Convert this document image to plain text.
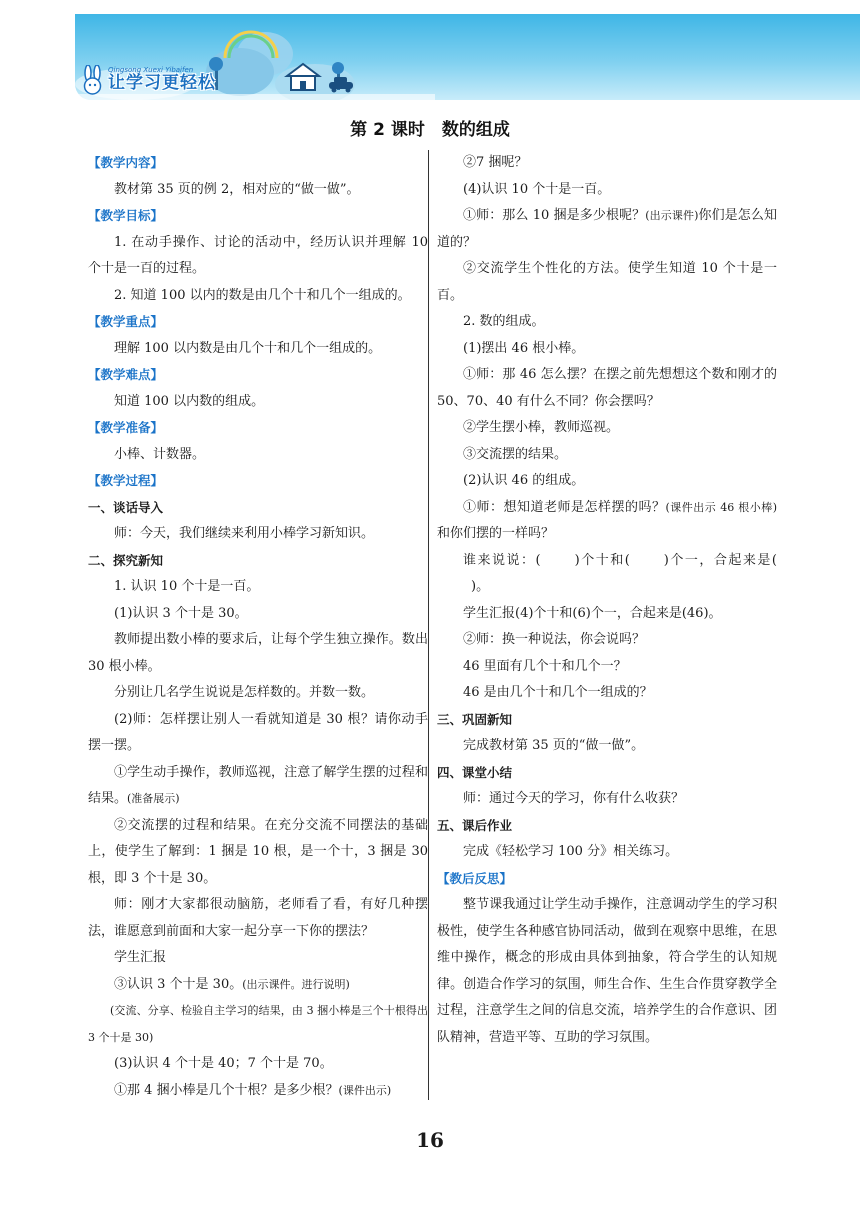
让学习更轻松
Qingsong Xuexi Yibaifen
第 2 课时　数的组成

【教学内容】

教材第 35 页的例 2，相对应的“做一做”。

【教学目标】

1. 在动手操作、讨论的活动中，经历认识并理解 10 个十是一百的过程。

2. 知道 100 以内的数是由几个十和几个一组成的。

【教学重点】

理解 100 以内数是由几个十和几个一组成的。

【教学难点】

知道 100 以内数的组成。

【教学准备】

小棒、计数器。

【教学过程】

一、谈话导入

师：今天，我们继续来利用小棒学习新知识。

二、探究新知

1. 认识 10 个十是一百。

(1)认识 3 个十是 30。

教师提出数小棒的要求后，让每个学生独立操作。数出 30 根小棒。

分别让几名学生说说是怎样数的。并数一数。

(2)师：怎样摆让别人一看就知道是 30 根？请你动手摆一摆。

①学生动手操作，教师巡视，注意了解学生摆的过程和结果。(准备展示)

②交流摆的过程和结果。在充分交流不同摆法的基础上，使学生了解到：1 捆是 10 根，是一个十，3 捆是 30 根，即 3 个十是 30。

师：刚才大家都很动脑筋，老师看了看，有好几种摆法，谁愿意到前面和大家一起分享一下你的摆法？

学生汇报

③认识 3 个十是 30。(出示课件。进行说明)

(交流、分享、检验自主学习的结果，由 3 捆小棒是三个十根得出 3 个十是 30)

(3)认识 4 个十是 40；7 个十是 70。

①那 4 捆小棒是几个十根？是多少根？(课件出示)

②7 捆呢？

(4)认识 10 个十是一百。

①师：那么 10 捆是多少根呢？(出示课件)你们是怎么知道的？

②交流学生个性化的方法。使学生知道 10 个十是一百。

2. 数的组成。

(1)摆出 46 根小棒。

①师：那 46 怎么摆？在摆之前先想想这个数和刚才的 50、70、40 有什么不同？你会摆吗？

②学生摆小棒，教师巡视。

③交流摆的结果。

(2)认识 46 的组成。

①师：想知道老师是怎样摆的吗？(课件出示 46 根小棒)和你们摆的一样吗？

谁来说说：(	)个十和(	)个一，合起来是()。

学生汇报(4)个十和(6)个一，合起来是(46)。

②师：换一种说法，你会说吗？

46 里面有几个十和几个一？

46 是由几个十和几个一组成的？

三、巩固新知

完成教材第 35 页的“做一做”。

四、课堂小结

师：通过今天的学习，你有什么收获？

五、课后作业

完成《轻松学习 100 分》相关练习。

【教后反思】

整节课我通过让学生动手操作，注意调动学生的学习积极性，使学生各种感官协同活动，做到在观察中思维，在思维中操作，概念的形成由具体到抽象，符合学生的认知规律。创造合作学习的氛围，师生合作、生生合作贯穿教学全过程，注意学生之间的信息交流，培养学生的合作意识、团队精神，营造平等、互助的学习氛围。

16
